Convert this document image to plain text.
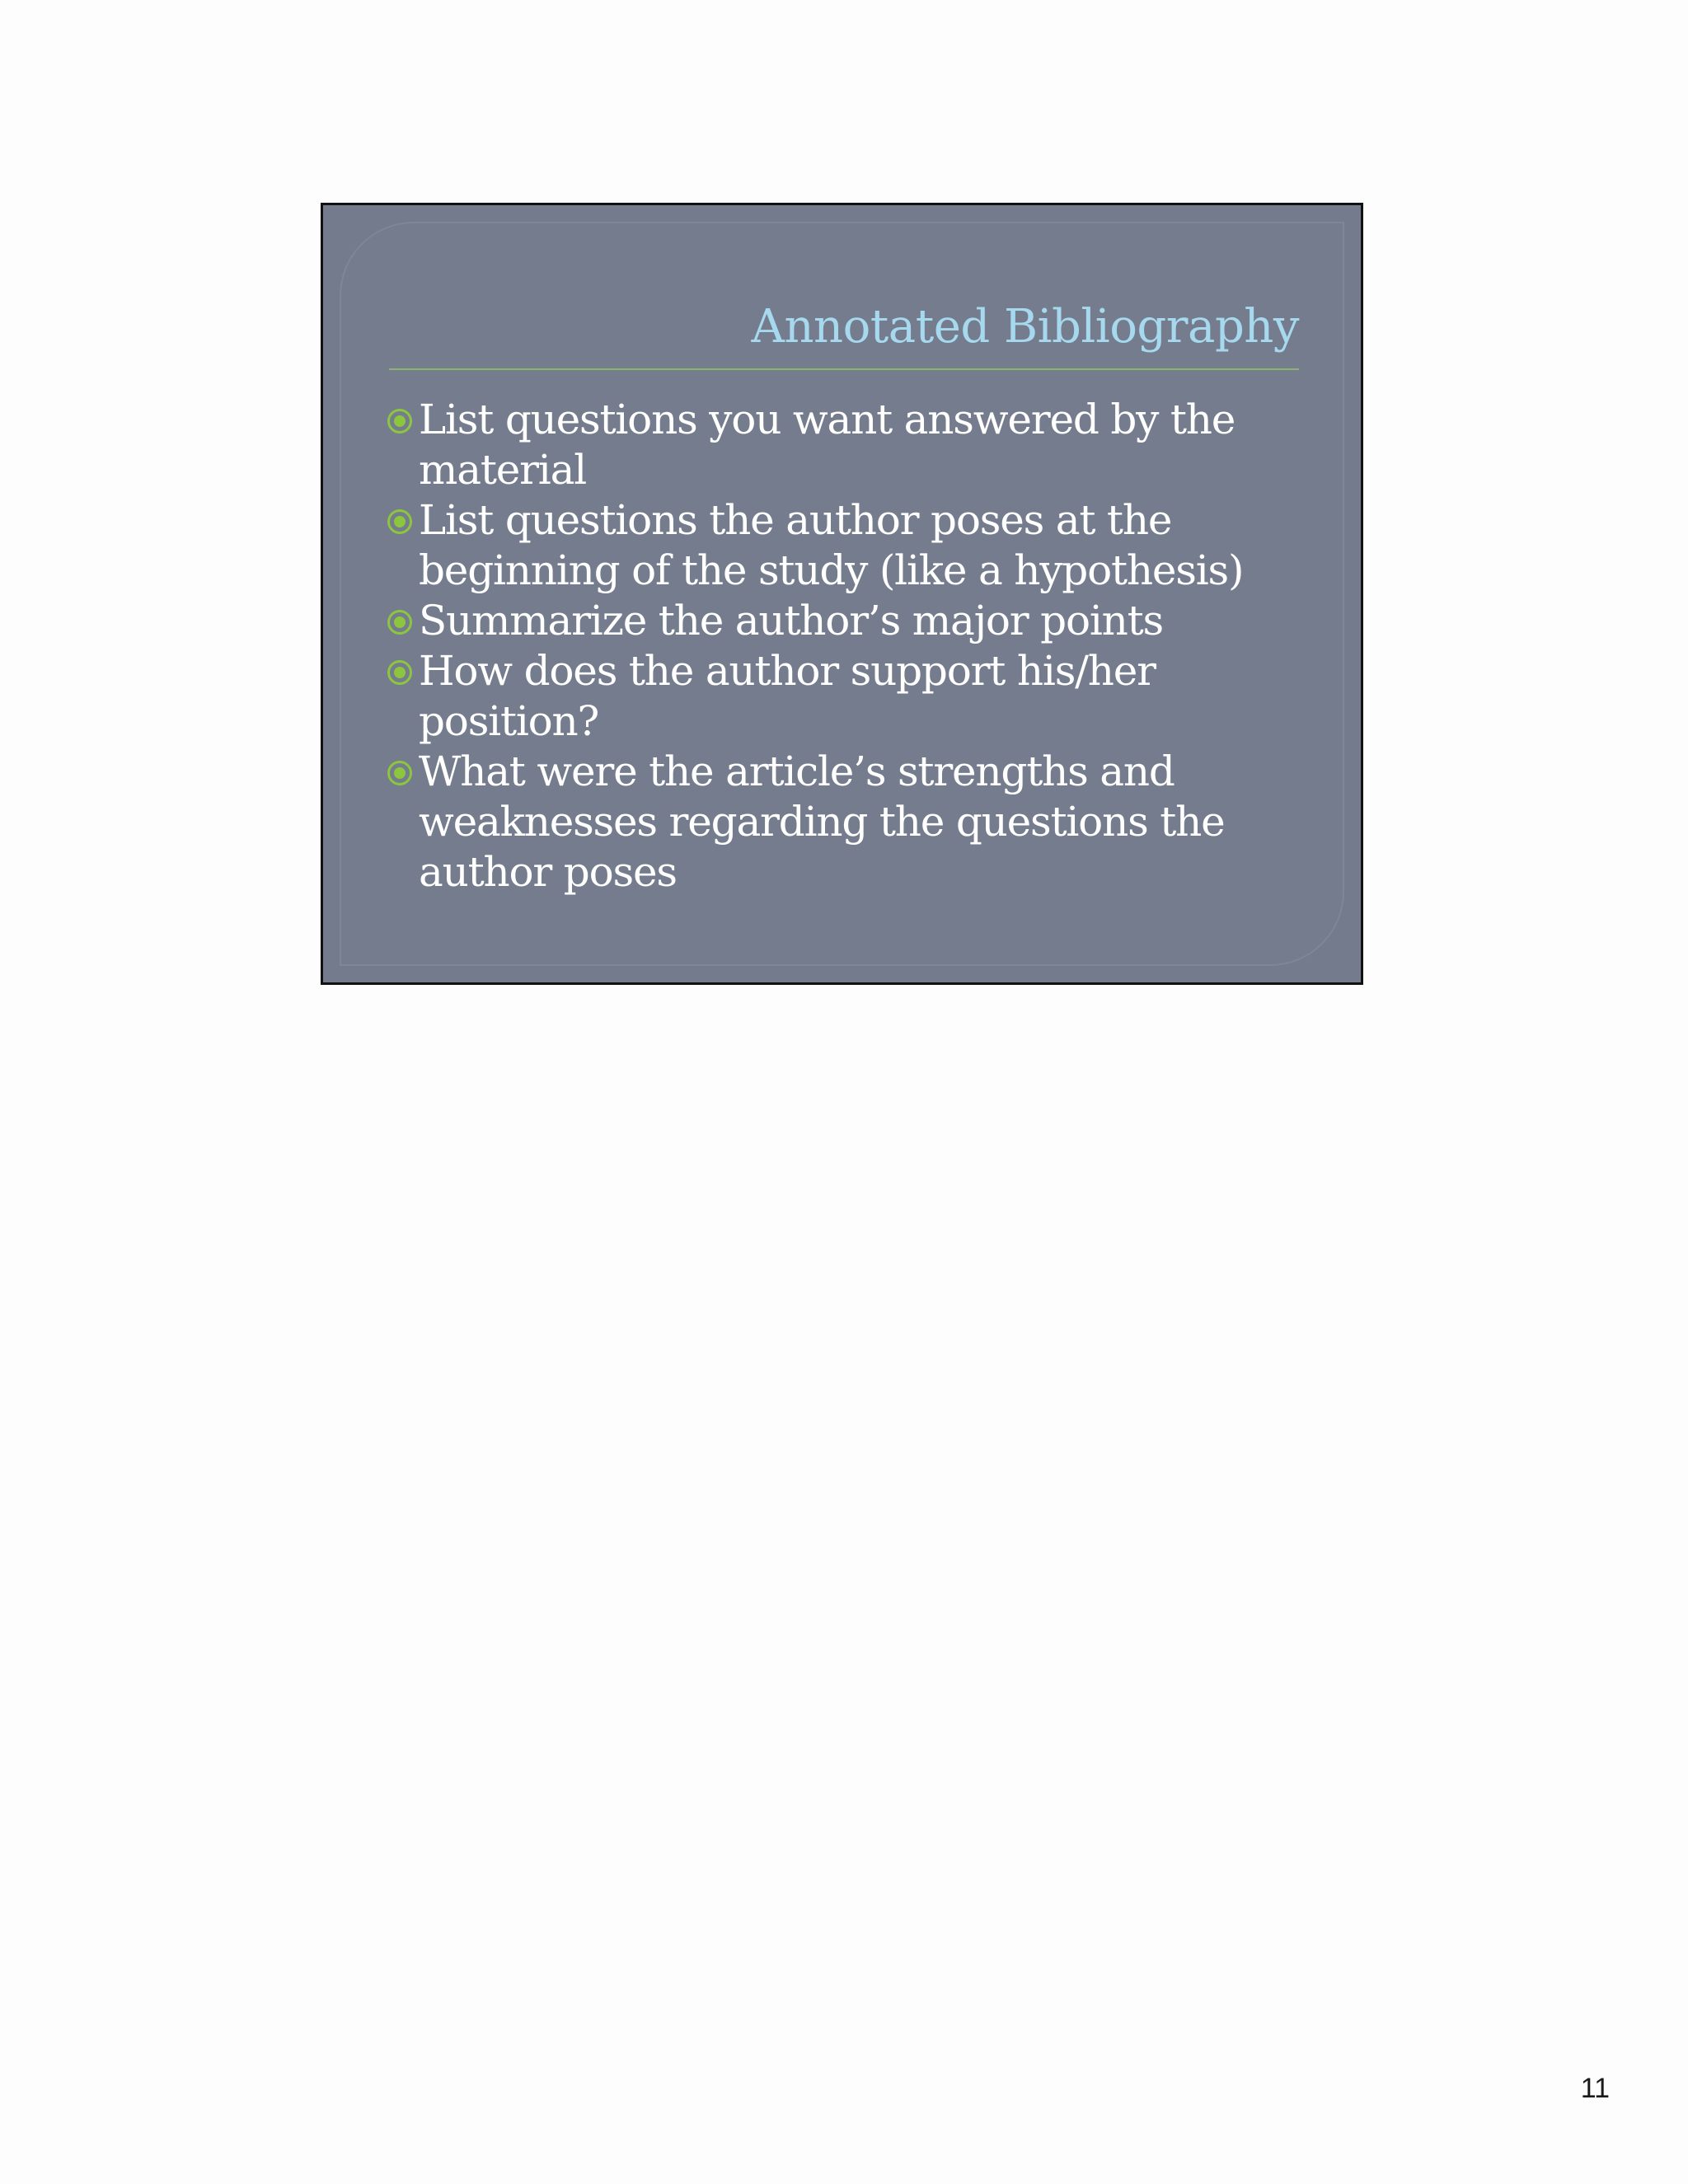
Annotated Bibliography
List questions you want answered by the material
List questions the author poses at the beginning of the study (like a hypothesis)
Summarize the author’s major points
How does the author support his/her position?
What were the article’s strengths and weaknesses regarding the questions the author poses
11
